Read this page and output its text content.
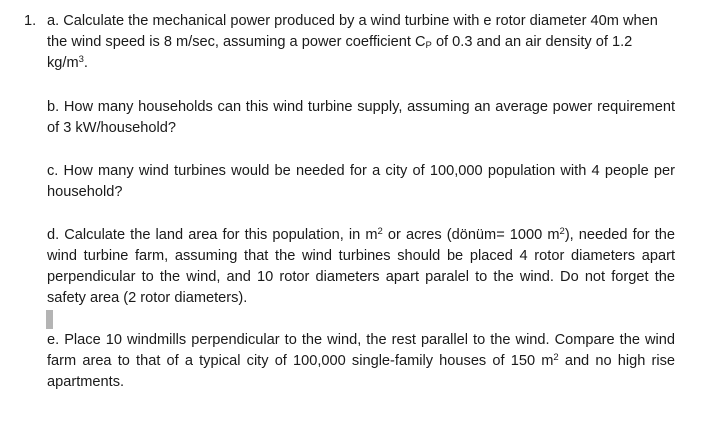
1. a. Calculate the mechanical power produced by a wind turbine with e rotor diameter 40m when the wind speed is 8 m/sec, assuming a power coefficient $C_P$ of 0.3 and an air density of 1.2 $kg/m^3$.
b. How many households can this wind turbine supply, assuming an average power requirement of 3 kW/household?
c. How many wind turbines would be needed for a city of 100,000 population with 4 people per household?
d. Calculate the land area for this population, in $m^2$ or acres (dönüm= 1000 $m^2$), needed for the wind turbine farm, assuming that the wind turbines should be placed 4 rotor diameters apart perpendicular to the wind, and 10 rotor diameters apart paralel to the wind. Do not forget the safety area (2 rotor diameters).
e. Place 10 windmills perpendicular to the wind, the rest parallel to the wind. Compare the wind farm area to that of a typical city of 100,000 single-family houses of 150 $m^2$ and no high rise apartments.
